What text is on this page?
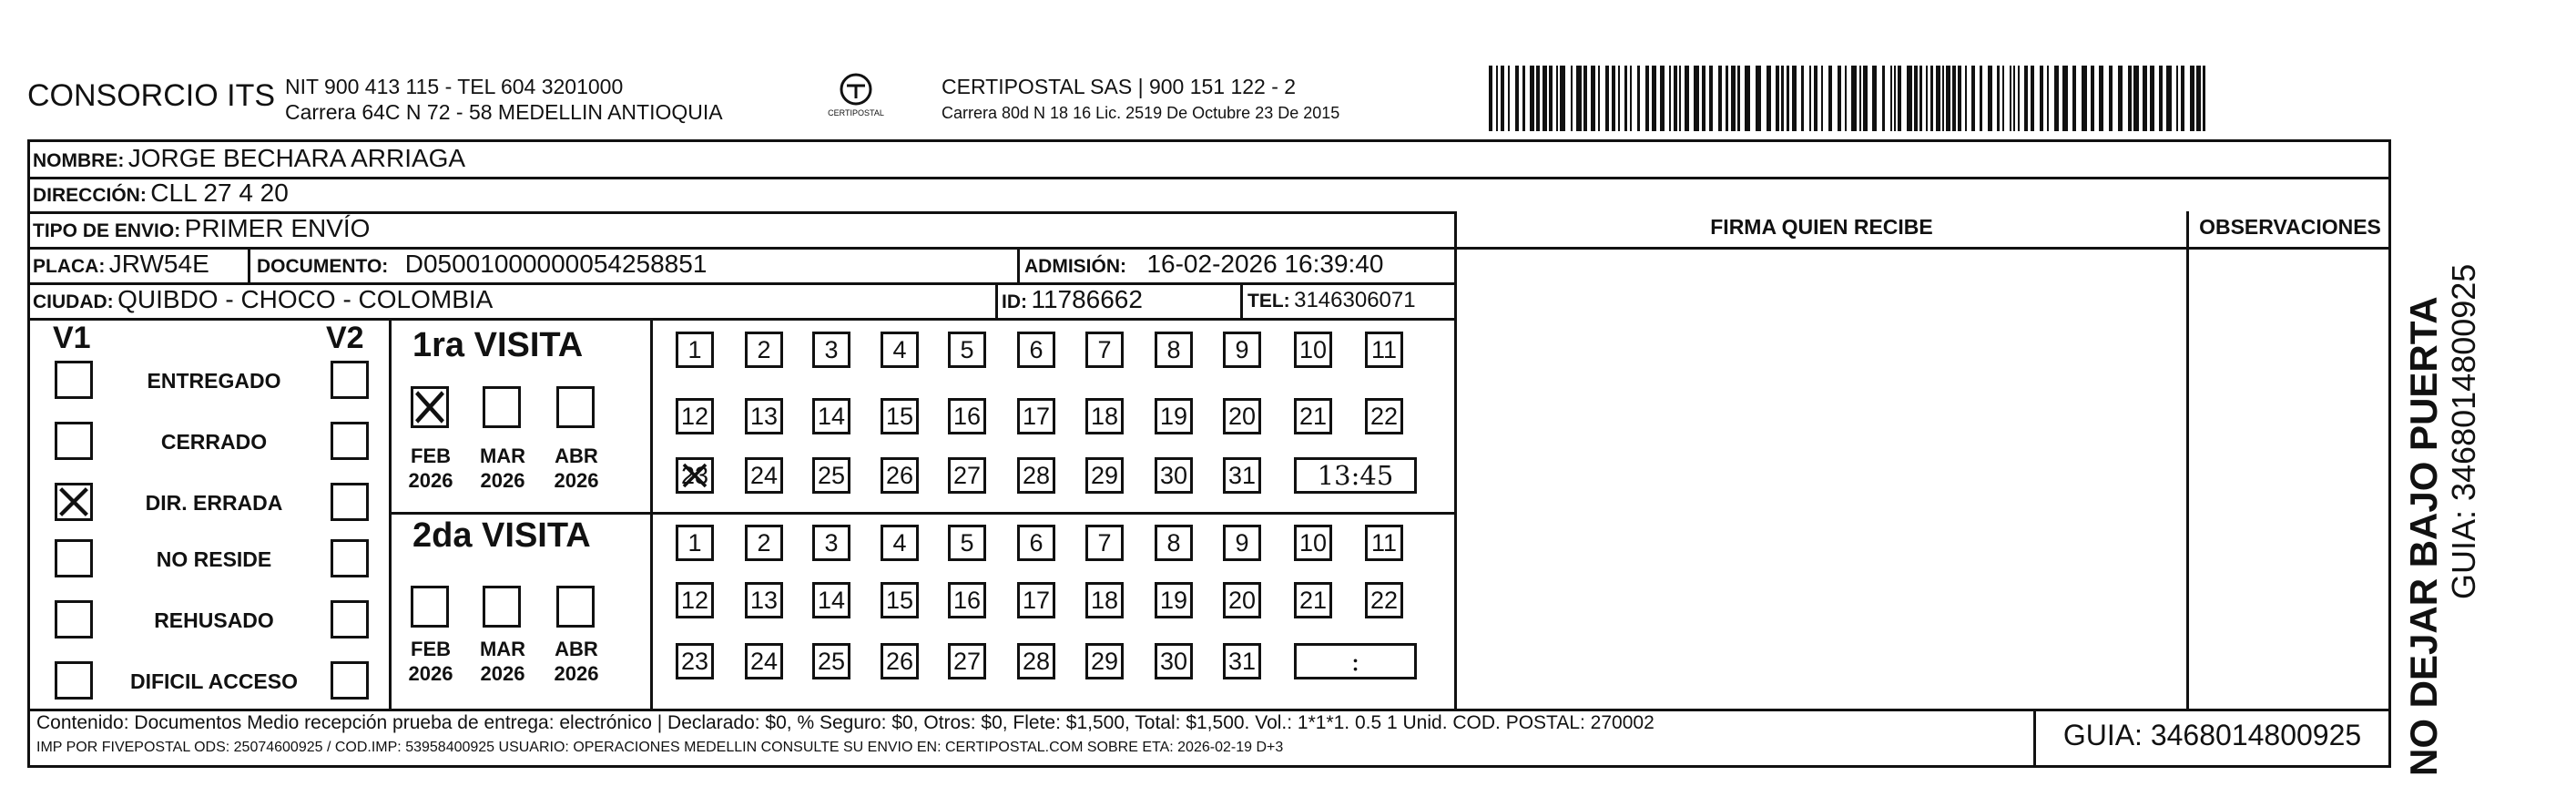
CONSORCIO ITS NIT 900 413 115 - TEL 604 3201000
Carrera 64C N 72 - 58 MEDELLIN ANTIOQUIA	CERTIPOSTAL
CERTIPOSTAL SAS | 900 151 122 - 2
Carrera 80d N 18 16 Lic. 2519 De Octubre 23 De 2015
NOMBRE: JORGE BECHARA ARRIAGA
DIRECCIÓN: CLL 27 4 20
TIPO DE ENVIO: PRIMER ENVÍO	FIRMA QUIEN RECIBE	OBSERVACIONES
PLACA: JRW54E DOCUMENTO: D05001000000054258851	ADMISIÓN: 16-02-2026 16:39:40
CIUDAD: QUIBDO - CHOCO - COLOMBIA	ID: 11786662	TEL: 3146306071
V1	V2
ENTREGADO
CERRADO
DIR. ERRADA
NO RESIDE
REHUSADO
DIFICIL ACCESO
1ra VISITA
2da VISITA
FEB
2026
MAR
2026
ABR
2026
1	2	3	4	5	6	7	8	9	10 11
12 13 14 15 16 17 18 19 20 21 22
23 24 25 26 27 28 29 30 31	13:45
FEB
2026
MAR
2026
ABR
2026
1	2	3	4	5	6	7	8	9	10 11
12 13 14 15 16 17 18 19 20 21 22
23 24 25 26 27 28 29 30 31	:
Contenido: Documentos Medio recepción prueba de entrega: electrónico | Declarado: $0, % Seguro: $0, Otros: $0, Flete: $1,500, Total: $1,500. Vol.: 1*1*1. 0.5 1 Unid. COD. POSTAL: 270002
IMP POR FIVEPOSTAL ODS: 25074600925 / COD.IMP: 53958400925 USUARIO: OPERACIONES MEDELLIN CONSULTE SU ENVIO EN: CERTIPOSTAL.COM SOBRE ETA: 2026-02-19 D+3	GUIA: 3468014800925	NO DEJAR BAJO PUERTA GUIA: 3468014800925
